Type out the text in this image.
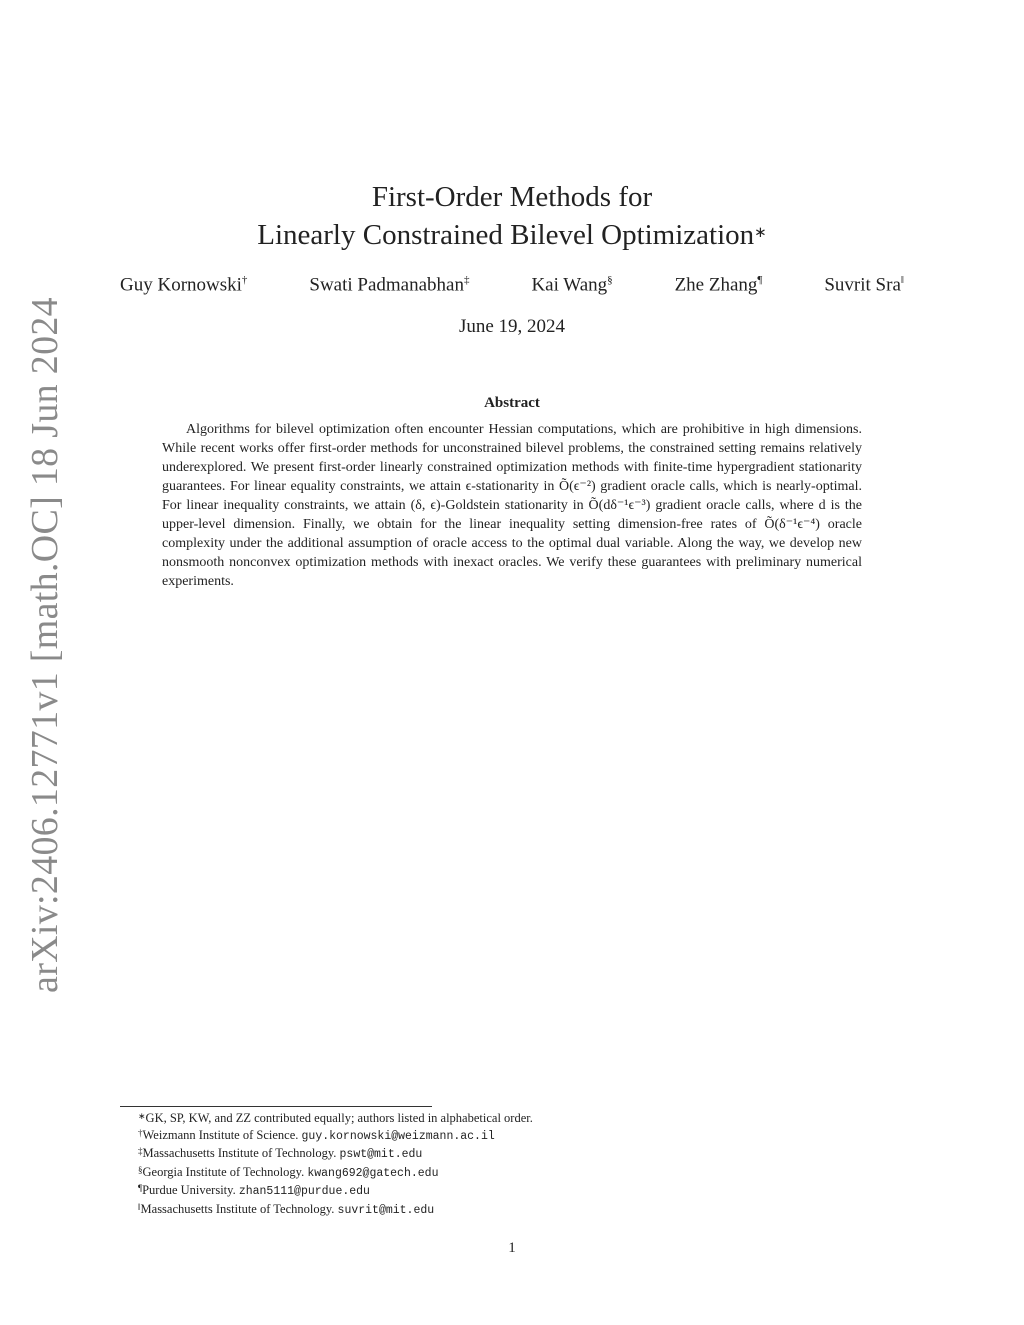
arXiv:2406.12771v1 [math.OC] 18 Jun 2024
First-Order Methods for
Linearly Constrained Bilevel Optimization∗
Guy Kornowski†	Swati Padmanabhan‡	Kai Wang§	Zhe Zhang¶	Suvrit Sra‖
June 19, 2024
Abstract
Algorithms for bilevel optimization often encounter Hessian computations, which are prohibitive in high dimensions. While recent works offer first-order methods for unconstrained bilevel problems, the constrained setting remains relatively underexplored. We present first-order linearly constrained optimization methods with finite-time hypergradient stationarity guarantees. For linear equality constraints, we attain ϵ-stationarity in Õ(ϵ⁻²) gradient oracle calls, which is nearly-optimal. For linear inequality constraints, we attain (δ, ϵ)-Goldstein stationarity in Õ(dδ⁻¹ϵ⁻³) gradient oracle calls, where d is the upper-level dimension. Finally, we obtain for the linear inequality setting dimension-free rates of Õ(δ⁻¹ϵ⁻⁴) oracle complexity under the additional assumption of oracle access to the optimal dual variable. Along the way, we develop new nonsmooth nonconvex optimization methods with inexact oracles. We verify these guarantees with preliminary numerical experiments.
∗GK, SP, KW, and ZZ contributed equally; authors listed in alphabetical order.
†Weizmann Institute of Science. guy.kornowski@weizmann.ac.il
‡Massachusetts Institute of Technology. pswt@mit.edu
§Georgia Institute of Technology. kwang692@gatech.edu
¶Purdue University. zhan5111@purdue.edu
‖Massachusetts Institute of Technology. suvrit@mit.edu
1
